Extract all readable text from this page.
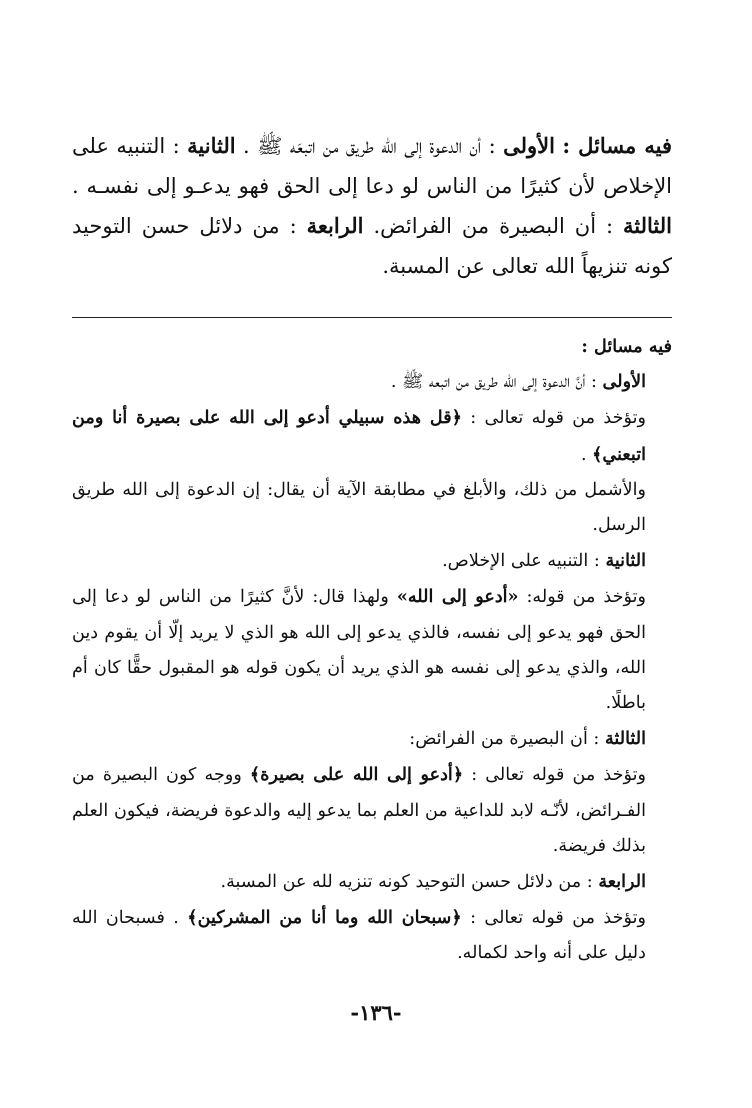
فيه مسائل : الأولى : أن الدعوة إلى الله طريق من اتبعَه ﷺ . الثانية : التنبيه على الإخلاص لأن كثيرًا من الناس لو دعا إلى الحق فهو يدعـو إلى نفسـه . الثالثة : أن البصيرة من الفرائض. الرابعة : من دلائل حسن التوحيد كونه تنزيهاً الله تعالى عن المسبة.

فيه مسائل :

الأولى : أنَّ الدعوة إلى الله طريق من اتبعه ﷺ .

وتؤخذ من قوله تعالى : ﴿قل هذه سبيلي أدعو إلى الله على بصيرة أنا ومن اتبعني﴾ .

والأشمل من ذلك، والأبلغ في مطابقة الآية أن يقال: إن الدعوة إلى الله طريق الرسل.

الثانية : التنبيه على الإخلاص.

وتؤخذ من قوله: «أدعو إلى الله» ولهذا قال: لأنَّ كثيرًا من الناس لو دعا إلى الحق فهو يدعو إلى نفسه، فالذي يدعو إلى الله هو الذي لا يريد إلّا أن يقوم دين الله، والذي يدعو إلى نفسه هو الذي يريد أن يكون قوله هو المقبول حقًّا كان أم باطلًا.

الثالثة : أن البصيرة من الفرائض:

وتؤخذ من قوله تعالى : ﴿أدعو إلى الله على بصيرة﴾ ووجه كون البصيرة من الفـرائض، لأنّـه لابد للداعية من العلم بما يدعو إليه والدعوة فريضة، فيكون العلم بذلك فريضة.

الرابعة : من دلائل حسن التوحيد كونه تنزيه لله عن المسبة.

وتؤخذ من قوله تعالى : ﴿سبحان الله وما أنا من المشركين﴾ . فسبحان الله دليل على أنه واحد لكماله.

-١٣٦-
